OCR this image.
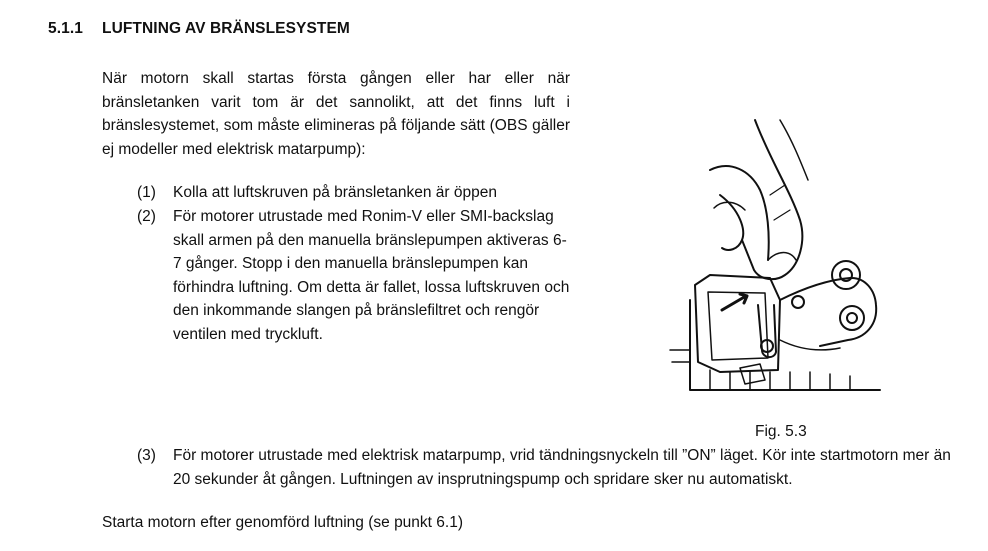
5.1.1 LUFTNING AV BRÄNSLESYSTEM

När motorn skall startas första gången eller har eller när bränsletanken varit tom är det sannolikt, att det finns luft i bränslesystemet, som måste elimineras på följande sätt (OBS gäller ej modeller med elektrisk matarpump):

(1) Kolla att luftskruven på bränsletanken är öppen
(2) För motorer utrustade med Ronim-V eller SMI-backslag skall armen på den manuella bränslepumpen aktiveras 6-7 gånger. Stopp i den manuella bränslepumpen kan förhindra luftning. Om detta är fallet, lossa luftskruven och den inkommande slangen på bränslefiltret och rengör ventilen med tryckluft.
Fig. 5.3
(3) För motorer utrustade med elektrisk matarpump, vrid tändningsnyckeln till ”ON” läget. Kör inte startmotorn mer än 20 sekunder åt gången. Luftningen av insprutningspump och spridare sker nu automatiskt.

Starta motorn efter genomförd luftning (se punkt 6.1)
